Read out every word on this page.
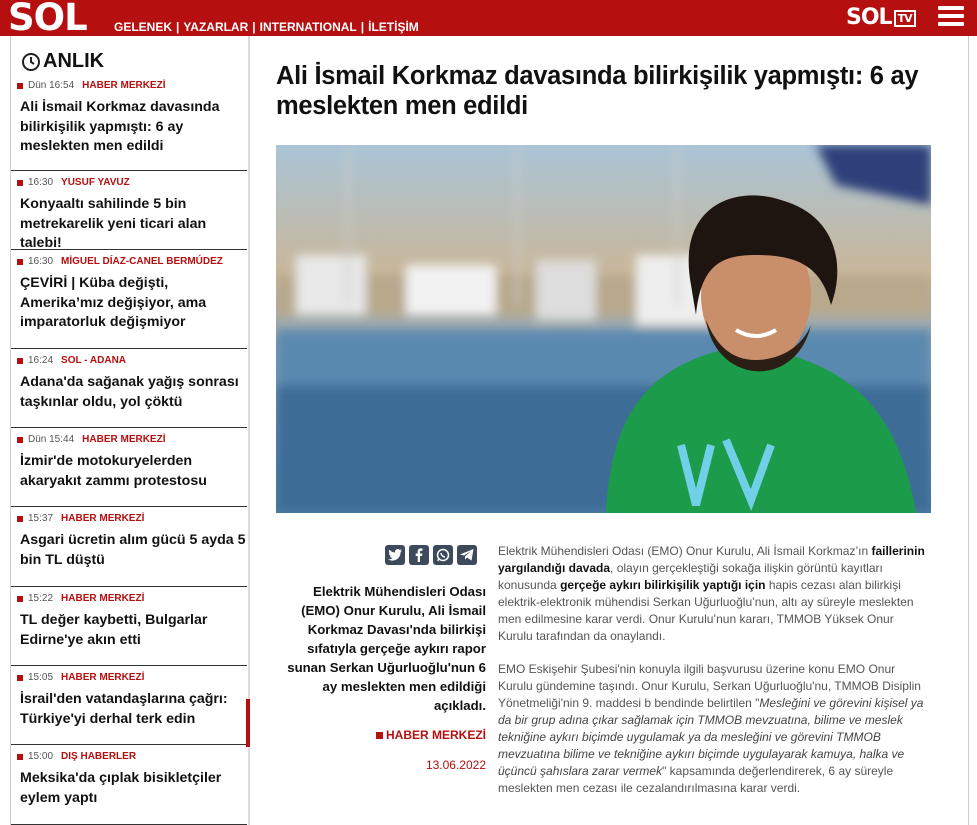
SOL GELENEK | YAZARLAR | INTERNATIONAL | İLETİŞİM	SOL TV
ANLIK
Dün 16:54 HABER MERKEZİ
Ali İsmail Korkmaz davasında bilirkişilik yapmıştı: 6 ay meslekten men edildi
16:30 YUSUF YAVUZ
Konyaaltı sahilinde 5 bin metrekarelik yeni ticari alan talebi!
16:30 MİGUEL DÍAZ-CANEL BERMÚDEZ
ÇEVİRİ | Küba değişti, Amerika’mız değişiyor, ama imparatorluk değişmiyor
16:24 SOL - ADANA
Adana'da sağanak yağış sonrası taşkınlar oldu, yol çöktü
Dün 15:44 HABER MERKEZİ
İzmir'de motokuryelerden akaryakıt zammı protestosu
15:37 HABER MERKEZİ
Asgari ücretin alım gücü 5 ayda 5 bin TL düştü
15:22 HABER MERKEZİ
TL değer kaybetti, Bulgarlar Edirne'ye akın etti
15:05 HABER MERKEZİ
İsrail'den vatandaşlarına çağrı: Türkiye'yi derhal terk edin
15:00 DIŞ HABERLER
Meksika'da çıplak bisikletçiler eylem yaptı
Ali İsmail Korkmaz davasında bilirkişilik yapmıştı: 6 ay meslekten men edildi
Elektrik Mühendisleri Odası (EMO) Onur Kurulu, Ali İsmail Korkmaz Davası'nda bilirkişi sıfatıyla gerçeğe aykırı rapor sunan Serkan Uğurluoğlu'nun 6 ay meslekten men edildiği açıkladı.
HABER MERKEZİ
13.06.2022

Elektrik Mühendisleri Odası (EMO) Onur Kurulu, Ali İsmail Korkmaz’ın faillerinin yargılandığı davada, olayın gerçekleştiği sokağa ilişkin görüntü kayıtları konusunda gerçeğe aykırı bilirkişilik yaptığı için hapis cezası alan bilirkişi elektrik-elektronik mühendisi Serkan Uğurluoğlu’nun, altı ay süreyle meslekten men edilmesine karar verdi. Onur Kurulu’nun kararı, TMMOB Yüksek Onur Kurulu tarafından da onaylandı.

EMO Eskişehir Şubesi'nin konuyla ilgili başvurusu üzerine konu EMO Onur Kurulu gündemine taşındı. Onur Kurulu, Serkan Uğurluoğlu'nu, TMMOB Disiplin Yönetmeliği'nin 9. maddesi b bendinde belirtilen "Mesleğini ve görevini kişisel ya da bir grup adına çıkar sağlamak için TMMOB mevzuatına, bilime ve meslek tekniğine aykırı biçimde uygulamak ya da mesleğini ve görevini TMMOB mevzuatına bilime ve tekniğine aykırı biçimde uygulayarak kamuya, halka ve üçüncü şahıslara zarar vermek" kapsamında değerlendirerek, 6 ay süreyle meslekten men cezası ile cezalandırılmasına karar verdi.
